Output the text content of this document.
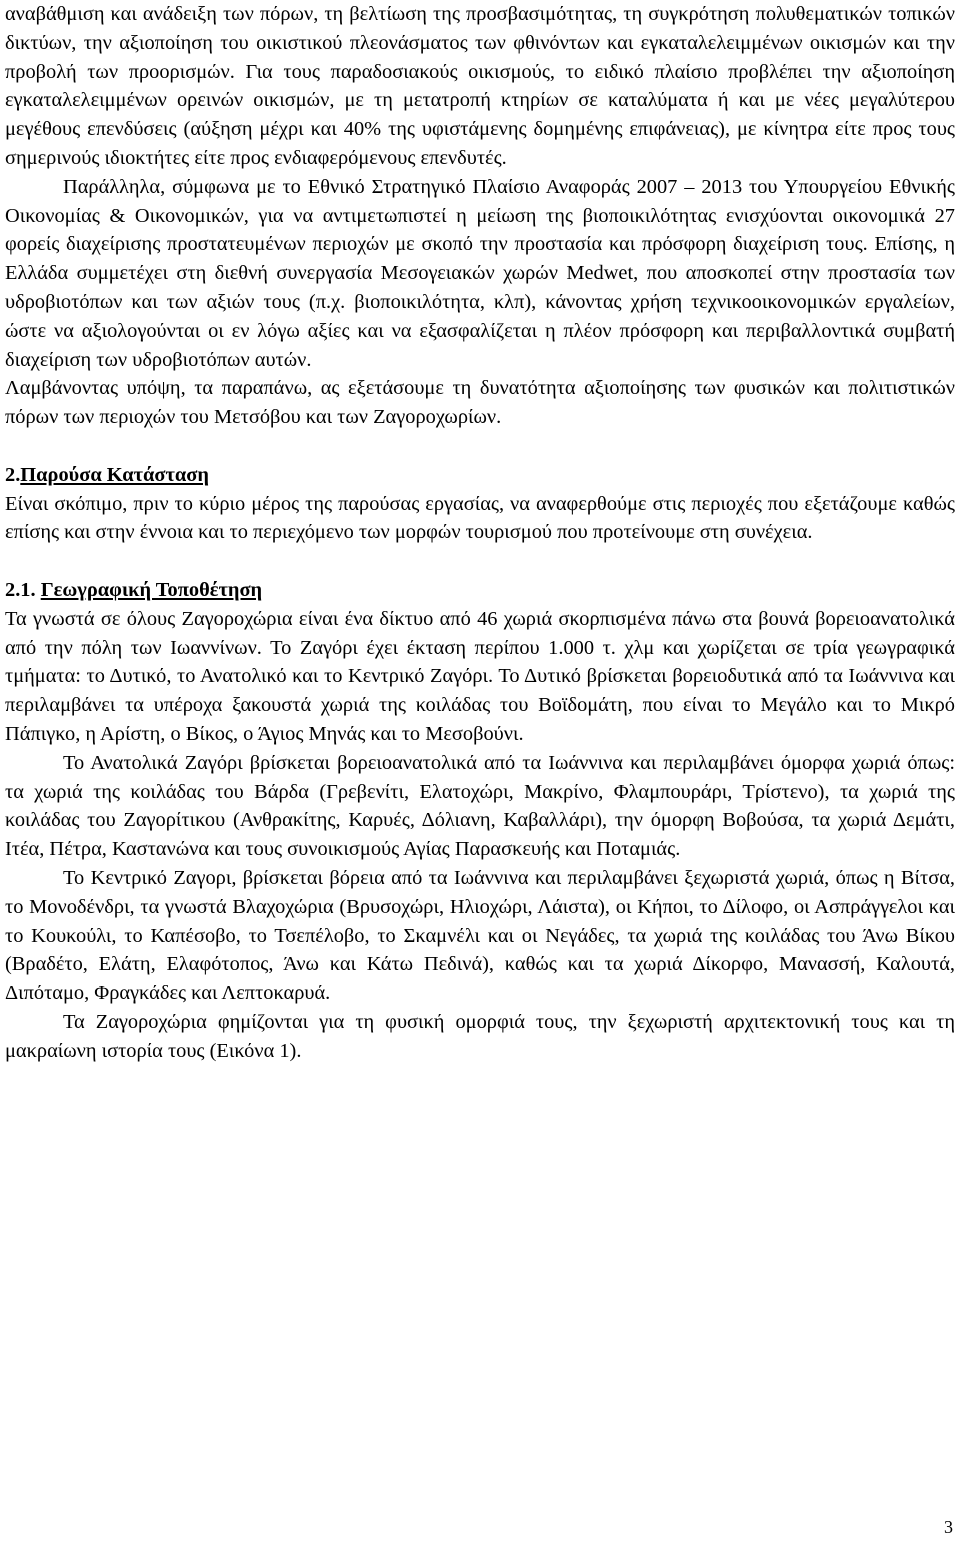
αναβάθμιση και ανάδειξη των πόρων, τη βελτίωση της προσβασιμότητας, τη συγκρότηση πολυθεματικών τοπικών δικτύων, την αξιοποίηση του οικιστικού πλεονάσματος των φθινόντων και εγκαταλελειμμένων οικισμών και την προβολή των προορισμών. Για τους παραδοσιακούς οικισμούς, το ειδικό πλαίσιο προβλέπει την αξιοποίηση εγκαταλελειμμένων ορεινών οικισμών, με τη μετατροπή κτηρίων σε καταλύματα ή και με νέες μεγαλύτερου μεγέθους επενδύσεις (αύξηση μέχρι και 40% της υφιστάμενης δομημένης επιφάνειας), με κίνητρα είτε προς τους σημερινούς ιδιοκτήτες είτε προς ενδιαφερόμενους επενδυτές.

Παράλληλα, σύμφωνα με το Εθνικό Στρατηγικό Πλαίσιο Αναφοράς 2007 – 2013 του Υπουργείου Εθνικής Οικονομίας & Οικονομικών, για να αντιμετωπιστεί η μείωση της βιοποικιλότητας ενισχύονται οικονομικά 27 φορείς διαχείρισης προστατευμένων περιοχών με σκοπό την προστασία και πρόσφορη διαχείριση τους. Επίσης, η Ελλάδα συμμετέχει στη διεθνή συνεργασία Μεσογειακών χωρών Medwet, που αποσκοπεί στην προστασία των υδροβιοτόπων και των αξιών τους (π.χ. βιοποικιλότητα, κλπ), κάνοντας χρήση τεχνικοοικονομικών εργαλείων, ώστε να αξιολογούνται οι εν λόγω αξίες και να εξασφαλίζεται η πλέον πρόσφορη και περιβαλλοντικά συμβατή διαχείριση των υδροβιοτόπων αυτών.

Λαμβάνοντας υπόψη, τα παραπάνω, ας εξετάσουμε τη δυνατότητα αξιοποίησης των φυσικών και πολιτιστικών πόρων των περιοχών του Μετσόβου και των Ζαγοροχωρίων.

2.Παρούσα Κατάσταση

Είναι σκόπιμο, πριν το κύριο μέρος της παρούσας εργασίας, να αναφερθούμε στις περιοχές που εξετάζουμε καθώς επίσης και στην έννοια και το περιεχόμενο των μορφών τουρισμού που προτείνουμε στη συνέχεια.

2.1. Γεωγραφική Τοποθέτηση

Τα γνωστά σε όλους Ζαγοροχώρια είναι ένα δίκτυο από 46 χωριά σκορπισμένα πάνω στα βουνά βορειοανατολικά από την πόλη των Ιωαννίνων. Το Ζαγόρι έχει έκταση περίπου 1.000 τ. χλμ και χωρίζεται σε τρία γεωγραφικά τμήματα: το Δυτικό, το Ανατολικό και το Κεντρικό Ζαγόρι. Το Δυτικό βρίσκεται βορειοδυτικά από τα Ιωάννινα και περιλαμβάνει τα υπέροχα ξακουστά χωριά της κοιλάδας του Βοϊδομάτη, που είναι το Μεγάλο και το Μικρό Πάπιγκο, η Αρίστη, ο Βίκος, ο Άγιος Μηνάς και το Μεσοβούνι.

Το Ανατολικά Ζαγόρι βρίσκεται βορειοανατολικά από τα Ιωάννινα και περιλαμβάνει όμορφα χωριά όπως: τα χωριά της κοιλάδας του Βάρδα (Γρεβενίτι, Ελατοχώρι, Μακρίνο, Φλαμπουράρι, Τρίστενο), τα χωριά της κοιλάδας του Ζαγορίτικου (Ανθρακίτης, Καρυές, Δόλιανη, Καβαλλάρι), την όμορφη Βοβούσα, τα χωριά Δεμάτι, Ιτέα, Πέτρα, Καστανώνα και τους συνοικισμούς Αγίας Παρασκευής και Ποταμιάς.

Το Κεντρικό Ζαγορι, βρίσκεται βόρεια από τα Ιωάννινα και περιλαμβάνει ξεχωριστά χωριά, όπως η Βίτσα, το Μονοδένδρι, τα γνωστά Βλαχοχώρια (Βρυσοχώρι, Ηλιοχώρι, Λάιστα), οι Κήποι, το Δίλοφο, οι Ασπράγγελοι και το Κουκούλι, το Καπέσοβο, το Τσεπέλοβο, το Σκαμνέλι και οι Νεγάδες, τα χωριά της κοιλάδας του Άνω Βίκου (Βραδέτο, Ελάτη, Ελαφότοπος, Άνω και Κάτω Πεδινά), καθώς και τα χωριά Δίκορφο, Μανασσή, Καλουτά, Διπόταμο, Φραγκάδες και Λεπτοκαρυά.

Τα Ζαγοροχώρια φημίζονται για τη φυσική ομορφιά τους, την ξεχωριστή αρχιτεκτονική τους και τη μακραίωνη ιστορία τους (Εικόνα 1).

3
